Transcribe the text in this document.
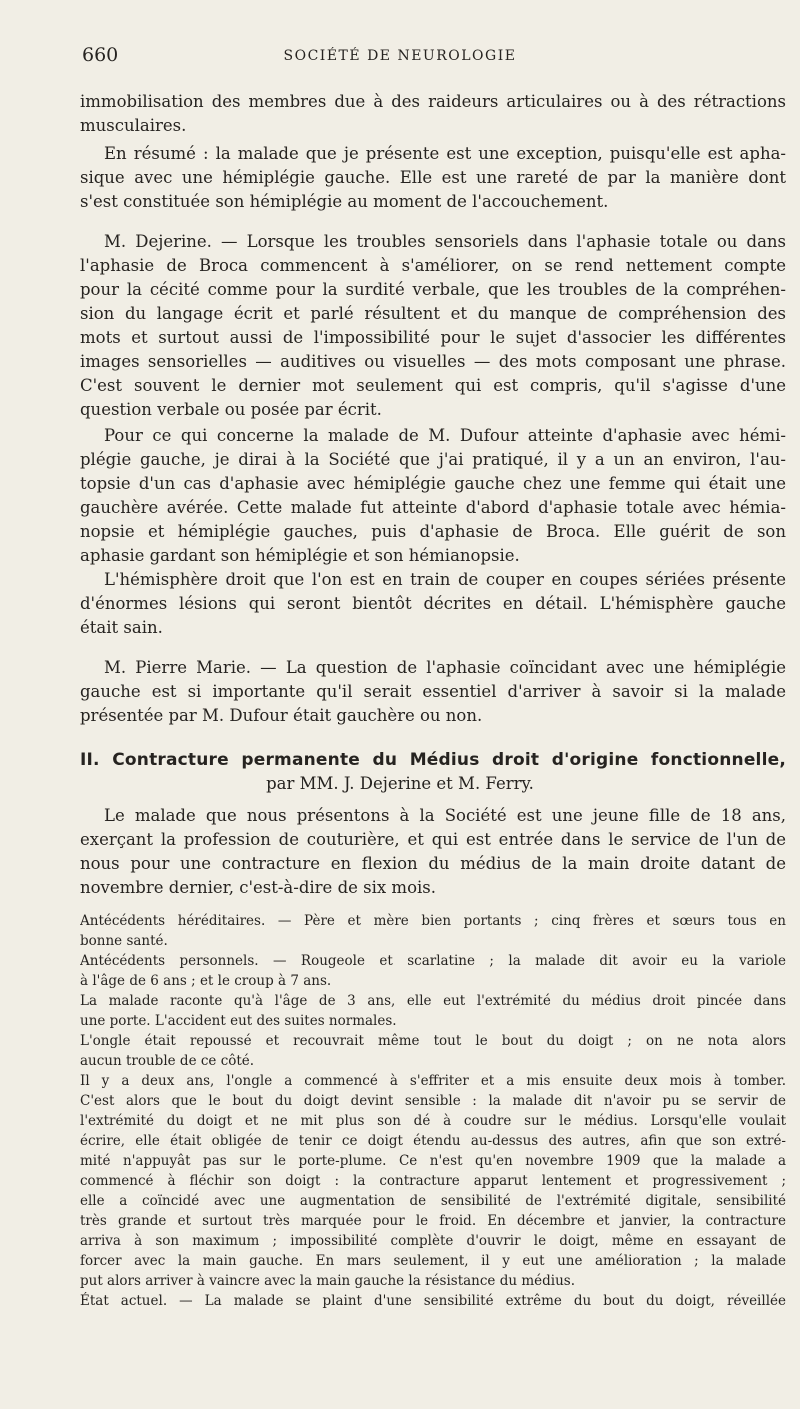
660	SOCIÉTÉ DE NEUROLOGIE
immobilisation des membres due à des raideurs articulaires ou à des rétractions
musculaires.
En résumé : la malade que je présente est une exception, puisqu'elle est apha-
sique avec une hémiplégie gauche. Elle est une rareté de par la manière dont
s'est constituée son hémiplégie au moment de l'accouchement.
M. Dejerine. — Lorsque les troubles sensoriels dans l'aphasie totale ou dans
l'aphasie de Broca commencent à s'améliorer, on se rend nettement compte
pour la cécité comme pour la surdité verbale, que les troubles de la compréhen-
sion du langage écrit et parlé résultent et du manque de compréhension des
mots et surtout aussi de l'impossibilité pour le sujet d'associer les différentes
images sensorielles — auditives ou visuelles — des mots composant une phrase.
C'est souvent le dernier mot seulement qui est compris, qu'il s'agisse d'une
question verbale ou posée par écrit.
Pour ce qui concerne la malade de M. Dufour atteinte d'aphasie avec hémi-
plégie gauche, je dirai à la Société que j'ai pratiqué, il y a un an environ, l'au-
topsie d'un cas d'aphasie avec hémiplégie gauche chez une femme qui était une
gauchère avérée. Cette malade fut atteinte d'abord d'aphasie totale avec hémia-
nopsie et hémiplégie gauches, puis d'aphasie de Broca. Elle guérit de son
aphasie gardant son hémiplégie et son hémianopsie.
L'hémisphère droit que l'on est en train de couper en coupes sériées présente
d'énormes lésions qui seront bientôt décrites en détail. L'hémisphère gauche
était sain.
M. Pierre Marie. — La question de l'aphasie coïncidant avec une hémiplégie
gauche est si importante qu'il serait essentiel d'arriver à savoir si la malade
présentée par M. Dufour était gauchère ou non.
II. Contracture permanente du Médius droit d'origine fonctionnelle,
par MM. J. Dejerine et M. Ferry.
Le malade que nous présentons à la Société est une jeune fille de 18 ans,
exerçant la profession de couturière, et qui est entrée dans le service de l'un de
nous pour une contracture en flexion du médius de la main droite datant de
novembre dernier, c'est-à-dire de six mois.
Antécédents héréditaires. — Père et mère bien portants ; cinq frères et sœurs tous en
bonne santé.
Antécédents personnels. — Rougeole et scarlatine ; la malade dit avoir eu la variole
à l'âge de 6 ans ; et le croup à 7 ans.
La malade raconte qu'à l'âge de 3 ans, elle eut l'extrémité du médius droit pincée dans
une porte. L'accident eut des suites normales.
L'ongle était repoussé et recouvrait même tout le bout du doigt ; on ne nota alors
aucun trouble de ce côté.
Il y a deux ans, l'ongle a commencé à s'effriter et a mis ensuite deux mois à tomber.
C'est alors que le bout du doigt devint sensible : la malade dit n'avoir pu se servir de
l'extrémité du doigt et ne mit plus son dé à coudre sur le médius. Lorsqu'elle voulait
écrire, elle était obligée de tenir ce doigt étendu au-dessus des autres, afin que son extré-
mité n'appuyât pas sur le porte-plume. Ce n'est qu'en novembre 1909 que la malade a
commencé à fléchir son doigt : la contracture apparut lentement et progressivement ;
elle a coïncidé avec une augmentation de sensibilité de l'extrémité digitale, sensibilité
très grande et surtout très marquée pour le froid. En décembre et janvier, la contracture
arriva à son maximum ; impossibilité complète d'ouvrir le doigt, même en essayant de
forcer avec la main gauche. En mars seulement, il y eut une amélioration ; la malade
put alors arriver à vaincre avec la main gauche la résistance du médius.
État actuel. — La malade se plaint d'une sensibilité extrême du bout du doigt, réveillée
